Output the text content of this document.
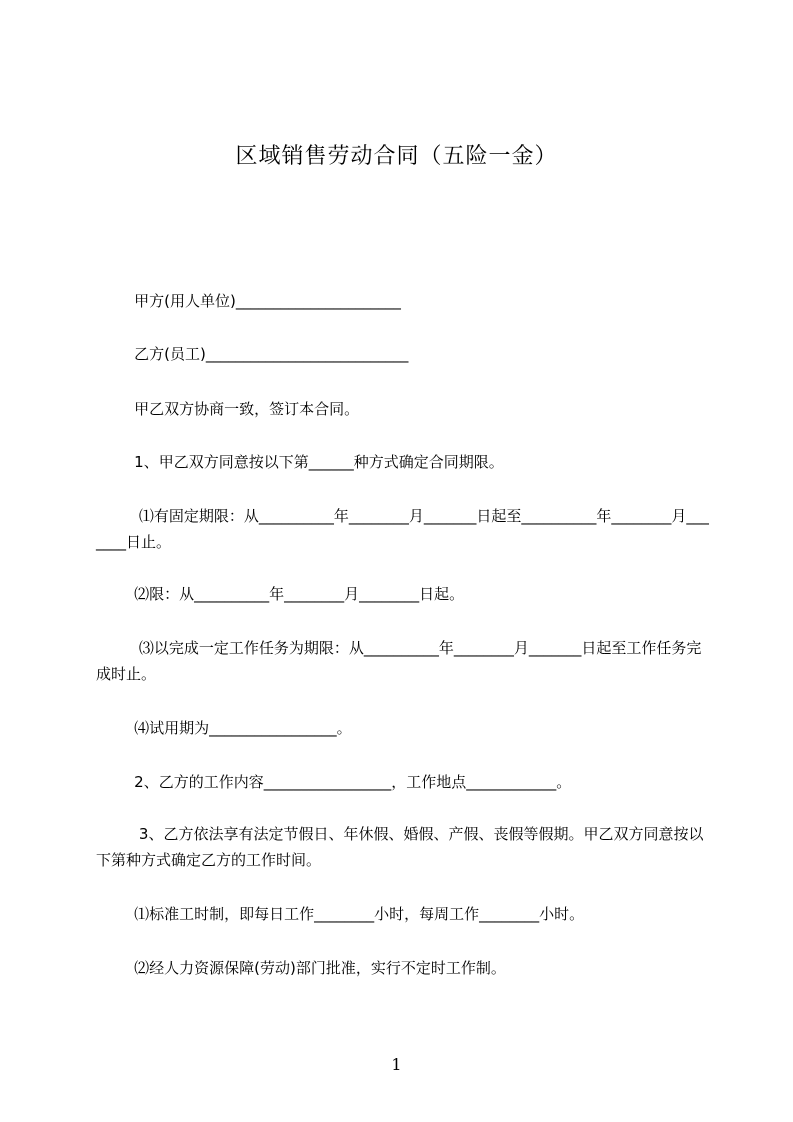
区域销售劳动合同（五险一金）
甲方(用人单位)______________________
乙方(员工)___________________________
甲乙双方协商一致，签订本合同。
1、甲乙双方同意按以下第______种方式确定合同期限。
⑴有固定期限：从__________年________月_______日起至__________年________月_______日止。
⑵限：从__________年________月________日起。
⑶以完成一定工作任务为期限：从__________年________月_______日起至工作任务完成时止。
⑷试用期为_________________。
2、乙方的工作内容_________________，工作地点____________。
3、乙方依法享有法定节假日、年休假、婚假、产假、丧假等假期。甲乙双方同意按以下第种方式确定乙方的工作时间。
⑴标准工时制，即每日工作________小时，每周工作________小时。
⑵经人力资源保障(劳动)部门批准，实行不定时工作制。
1
